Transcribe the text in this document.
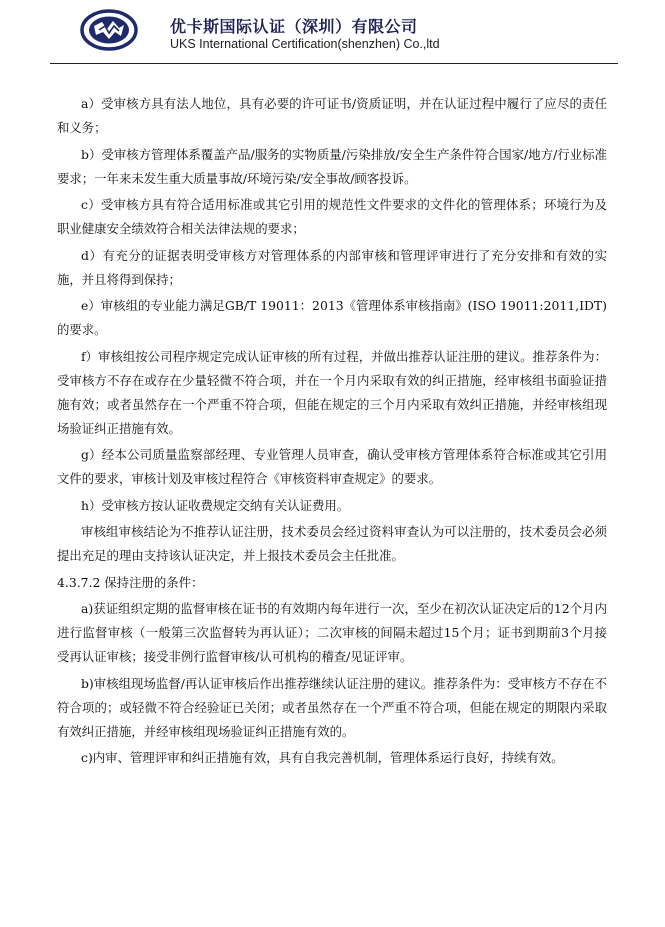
优卡斯国际认证（深圳）有限公司
UKS International Certification(shenzhen) Co.,ltd

a）受审核方具有法人地位，具有必要的许可证书/资质证明，并在认证过程中履行了应尽的责任和义务；

b）受审核方管理体系覆盖产品/服务的实物质量/污染排放/安全生产条件符合国家/地方/行业标准要求；一年来未发生重大质量事故/环境污染/安全事故/顾客投诉。

c）受审核方具有符合适用标准或其它引用的规范性文件要求的文件化的管理体系；环境行为及职业健康安全绩效符合相关法律法规的要求；

d）有充分的证据表明受审核方对管理体系的内部审核和管理评审进行了充分安排和有效的实施，并且将得到保持；

e）审核组的专业能力满足GB/T 19011：2013《管理体系审核指南》(ISO 19011:2011,IDT)的要求。

f）审核组按公司程序规定完成认证审核的所有过程，并做出推荐认证注册的建议。推荐条件为：受审核方不存在或存在少量轻微不符合项，并在一个月内采取有效的纠正措施，经审核组书面验证措施有效；或者虽然存在一个严重不符合项，但能在规定的三个月内采取有效纠正措施，并经审核组现场验证纠正措施有效。

g）经本公司质量监察部经理、专业管理人员审查，确认受审核方管理体系符合标准或其它引用文件的要求，审核计划及审核过程符合《审核资料审查规定》的要求。

h）受审核方按认证收费规定交纳有关认证费用。

审核组审核结论为不推荐认证注册，技术委员会经过资料审查认为可以注册的，技术委员会必须提出充足的理由支持该认证决定，并上报技术委员会主任批准。

4.3.7.2 保持注册的条件：

a)获证组织定期的监督审核在证书的有效期内每年进行一次，至少在初次认证决定后的12个月内进行监督审核（一般第三次监督转为再认证）；二次审核的间隔未超过15个月；证书到期前3个月接受再认证审核；接受非例行监督审核/认可机构的稽查/见证评审。

b)审核组现场监督/再认证审核后作出推荐继续认证注册的建议。推荐条件为：受审核方不存在不符合项的；或轻微不符合经验证已关闭；或者虽然存在一个严重不符合项，但能在规定的期限内采取有效纠正措施，并经审核组现场验证纠正措施有效的。

c)内审、管理评审和纠正措施有效，具有自我完善机制，管理体系运行良好，持续有效。
